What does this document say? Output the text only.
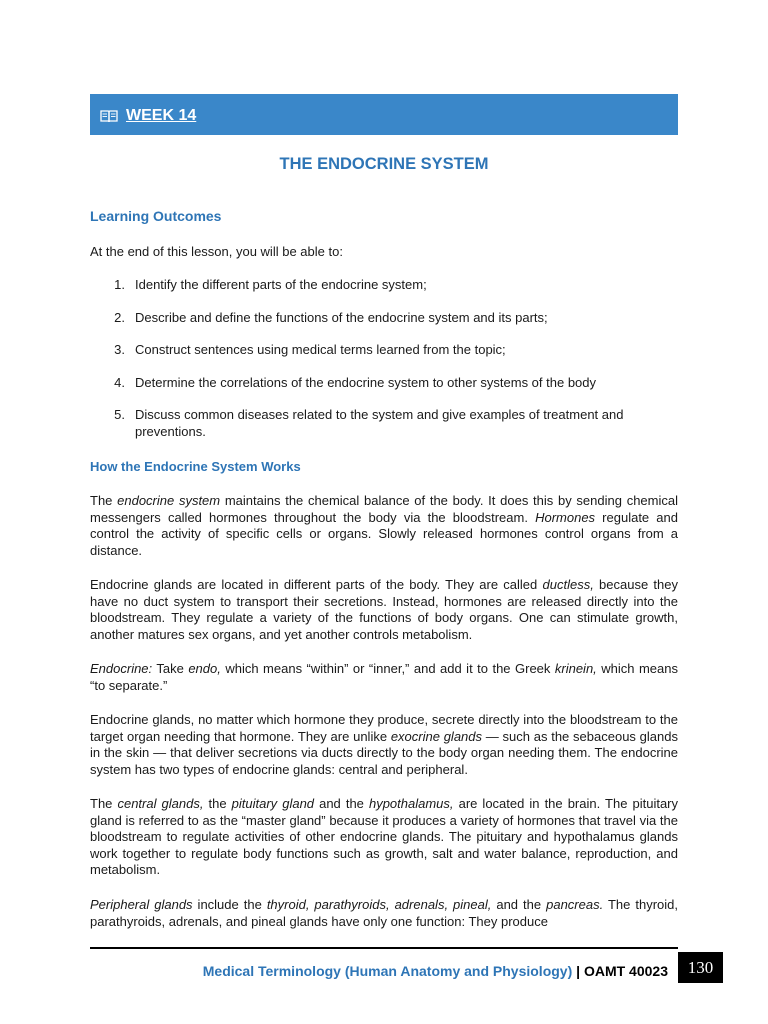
WEEK 14
THE ENDOCRINE SYSTEM
Learning Outcomes

At the end of this lesson, you will be able to:

1. Identify the different parts of the endocrine system;
2. Describe and define the functions of the endocrine system and its parts;
3. Construct sentences using medical terms learned from the topic;
4. Determine the correlations of the endocrine system to other systems of the body
5. Discuss common diseases related to the system and give examples of treatment and preventions.
How the Endocrine System Works

The endocrine system maintains the chemical balance of the body. It does this by sending chemical messengers called hormones throughout the body via the bloodstream. Hormones regulate and control the activity of specific cells or organs. Slowly released hormones control organs from a distance.

Endocrine glands are located in different parts of the body. They are called ductless, because they have no duct system to transport their secretions. Instead, hormones are released directly into the bloodstream. They regulate a variety of the functions of body organs. One can stimulate growth, another matures sex organs, and yet another controls metabolism.

Endocrine: Take endo, which means “within” or “inner,” and add it to the Greek krinein, which means “to separate.”

Endocrine glands, no matter which hormone they produce, secrete directly into the bloodstream to the target organ needing that hormone. They are unlike exocrine glands — such as the sebaceous glands in the skin — that deliver secretions via ducts directly to the body organ needing them. The endocrine system has two types of endocrine glands: central and peripheral.

The central glands, the pituitary gland and the hypothalamus, are located in the brain. The pituitary gland is referred to as the “master gland” because it produces a variety of hormones that travel via the bloodstream to regulate activities of other endocrine glands. The pituitary and hypothalamus glands work together to regulate body functions such as growth, salt and water balance, reproduction, and metabolism.

Peripheral glands include the thyroid, parathyroids, adrenals, pineal, and the pancreas. The thyroid, parathyroids, adrenals, and pineal glands have only one function: They produce

Medical Terminology (Human Anatomy and Physiology) | OAMT 40023	130
